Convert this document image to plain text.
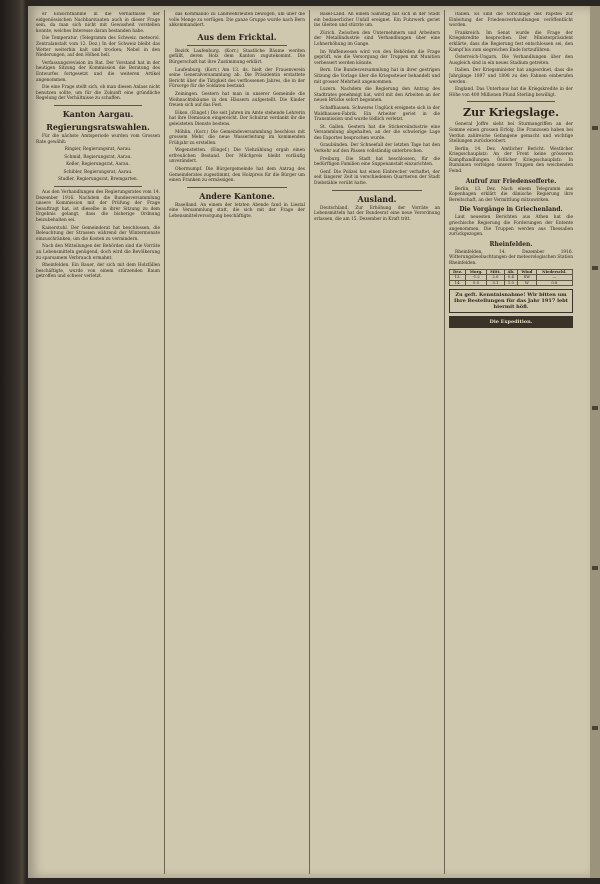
er Einsichtnahme in die Verhältnisse der eidgenössischen Nachbarstaaten auch in dieser Frage sein, da man sich nicht mit Gewissheit vorstellen konnte, welches Interesse daran bestanden habe.

Die Temperatur. (Telegramm des Schweiz. meteorol. Zentralanstalt vom 12. Dez.) In der Schweiz bleibt das Wetter weiterhin kalt und trocken; Nebel in den Niederungen, auf den Höhen hell.

Verfassungsrevision im Rat. Der Vorstand hat in der heutigen Sitzung der Kommission die Beratung des Entwurfes fortgesetzt und die weiteren Artikel angenommen.

Die eine Frage stellt sich, ob man diesen Anlass nicht benutzen sollte, um für die Zukunft eine gründliche Regelung der Verhältnisse zu schaffen.

Kanton Aargau.
Regierungsratswahlen.

Für die nächste Amtsperiode wurden vom Grossen Rate gewählt:

Ringier, Regierungsrat, Aarau.

Schmid, Regierungsrat, Aarau.

Keller, Regierungsrat, Aarau.

Schibler, Regierungsrat, Aarau.

Studler, Regierungsrat, Bremgarten.

Aus den Verhandlungen des Regierungsrates vom 14. Dezember 1916. Nachdem die Bundesversammlung unsere Kommission mit der Prüfung der Frage beauftragt hat, ist dieselbe in ihrer Sitzung zu dem Ergebnis gelangt, dass die bisherige Ordnung beizubehalten sei.

Kaiserstuhl. Der Gemeinderat hat beschlossen, die Beleuchtung der Strassen während der Wintermonate einzuschränken, um die Kosten zu vermindern.

Nach den Mitteilungen der Behörden sind die Vorräte an Lebensmitteln genügend, doch wird die Bevölkerung zu sparsamem Verbrauch ermahnt.

Rheinfelden. Ein Bauer, der sich mit dem Holzfällen beschäftigte, wurde von einem stürzenden Baum getroffen und schwer verletzt.

das Kommando zu Landwehrleuten bewogen, um über die volle Menge zu verfügen. Die ganze Gruppe wurde nach Bern abkommandiert.

Aus dem Fricktal.

Bezirk Laufenburg. (Korr.) Staatliche Bäume werden gefällt, deren Holz dem Kanton zugutekommt. Die Bürgerschaft hat ihre Zustimmung erklärt.

Laufenburg. (Korr.) Am 13. ds. hielt der Frauenverein seine Generalversammlung ab. Die Präsidentin erstattete Bericht über die Tätigkeit des verflossenen Jahres, die in der Fürsorge für die Soldaten bestand.

Zeiningen. Gestern hat man in unserer Gemeinde die Weihnachtsbäume in den Häusern aufgestellt. Die Kinder freuen sich auf das Fest.

Eiken. (Eingef.) Die seit Jahren im Amte stehende Lehrerin hat ihre Demission eingereicht. Der Schulrat verdankt ihr die geleisteten Dienste bestens.

Möhlin. (Korr.) Die Gemeindeversammlung beschloss mit grossem Mehr, die neue Wasserleitung im kommenden Frühjahr zu erstellen.

Wegenstetten. (Eingef.) Die Viehzählung ergab einen erfreulichen Bestand. Der Milchpreis bleibt vorläufig unverändert.

Obermumpf. Die Bürgergemeinde hat dem Antrag des Gemeinderates zugestimmt, den Holzpreis für die Bürger um einen Franken zu ermässigen.

Andere Kantone.

Baselland. An einem der letzten Abende fand in Liestal eine Versammlung statt, die sich mit der Frage der Lebensmittelversorgung beschäftigte.

Basel-Land. An einem Samstag hat sich in der Stadt ein bedauerlicher Unfall ereignet. Ein Fuhrwerk geriet ins Gleiten und stürzte um.

Zürich. Zwischen den Unternehmern und Arbeitern der Metallindustrie sind Verhandlungen über eine Lohnerhöhung im Gange.

Im Waffenwesen wird von den Behörden die Frage geprüft, wie die Versorgung der Truppen mit Munition verbessert werden könnte.

Bern. Die Bundesversammlung hat in ihrer gestrigen Sitzung die Vorlage über die Kriegssteuer behandelt und mit grosser Mehrheit angenommen.

Luzern. Nachdem die Regierung den Antrag des Stadtrates genehmigt hat, wird mit den Arbeiten an der neuen Brücke sofort begonnen.

Schaffhausen. Schweres Unglück ereignete sich in der Waldhausen-Fabrik. Ein Arbeiter geriet in die Transmission und wurde tödlich verletzt.

St. Gallen. Gestern hat die Stickereiindustrie eine Versammlung abgehalten, an der die schwierige Lage des Exportes besprochen wurde.

Graubünden. Der Schneefall der letzten Tage hat den Verkehr auf den Pässen vollständig unterbrochen.

Freiburg. Die Stadt hat beschlossen, für die bedürftigen Familien eine Suppenanstalt einzurichten.

Genf. Die Polizei hat einen Einbrecher verhaftet, der seit längerer Zeit in verschiedenen Quartieren der Stadt Diebstähle verübt hatte.

Ausland.

Deutschland. Zur Erhöhung der Vorräte an Lebensmitteln hat der Bundesrat eine neue Verordnung erlassen, die am 15. Dezember in Kraft tritt.

Italien. Es sind die Vorschläge des Papstes zur Einleitung der Friedensverhandlungen veröffentlicht worden.

Frankreich. Im Senat wurde die Frage der Kriegskredite besprochen. Der Ministerpräsident erklärte, dass die Regierung fest entschlossen sei, den Kampf bis zum siegreichen Ende fortzuführen.

Österreich-Ungarn. Die Verhandlungen über den Ausgleich sind in ein neues Stadium getreten.

Italien. Der Kriegsminister hat angeordnet, dass die Jahrgänge 1897 und 1898 zu den Fahnen einberufen werden.

England. Das Unterhaus hat die Kriegskredite in der Höhe von 400 Millionen Pfund Sterling bewilligt.

Zur Kriegslage.

General Joffre sieht bei Sturmangriffen an der Somme einen grossen Erfolg. Die Franzosen haben bei Verdun zahlreiche Gefangene gemacht und wichtige Stellungen zurückerobert.

Berlin, 14. Dez. Amtlicher Bericht. Westlicher Kriegsschauplatz: An der Front keine grösseren Kampfhandlungen. Östlicher Kriegsschauplatz: In Rumänien verfolgen unsere Truppen den weichenden Feind.

Aufruf zur Friedensofferte.

Berlin, 13. Dez. Nach einem Telegramm aus Kopenhagen erklärt die dänische Regierung ihre Bereitschaft, an der Vermittlung mitzuwirken.

Die Vorgänge in Griechenland.

Laut neuesten Berichten aus Athen hat die griechische Regierung die Forderungen der Entente angenommen. Die Truppen werden aus Thessalien zurückgezogen.

Rheinfelden.

Rheinfelden, 14. Dezember 1916. Witterungsbeobachtungen der meteorologischen Station Rheinfelden.

Dez.	Morg.	Mitt.	Ab.	Wind	Niederschl.
13.	-1.2	2.0	0.4	SW	—
14.	0.5	3.1	1.0	W	0.8
Zu geft. Kenntnisnahme! Wir bitten um Ihre Bestellungen für das Jahr 1917 lebt hiermit höfl.
Die Expedition.
